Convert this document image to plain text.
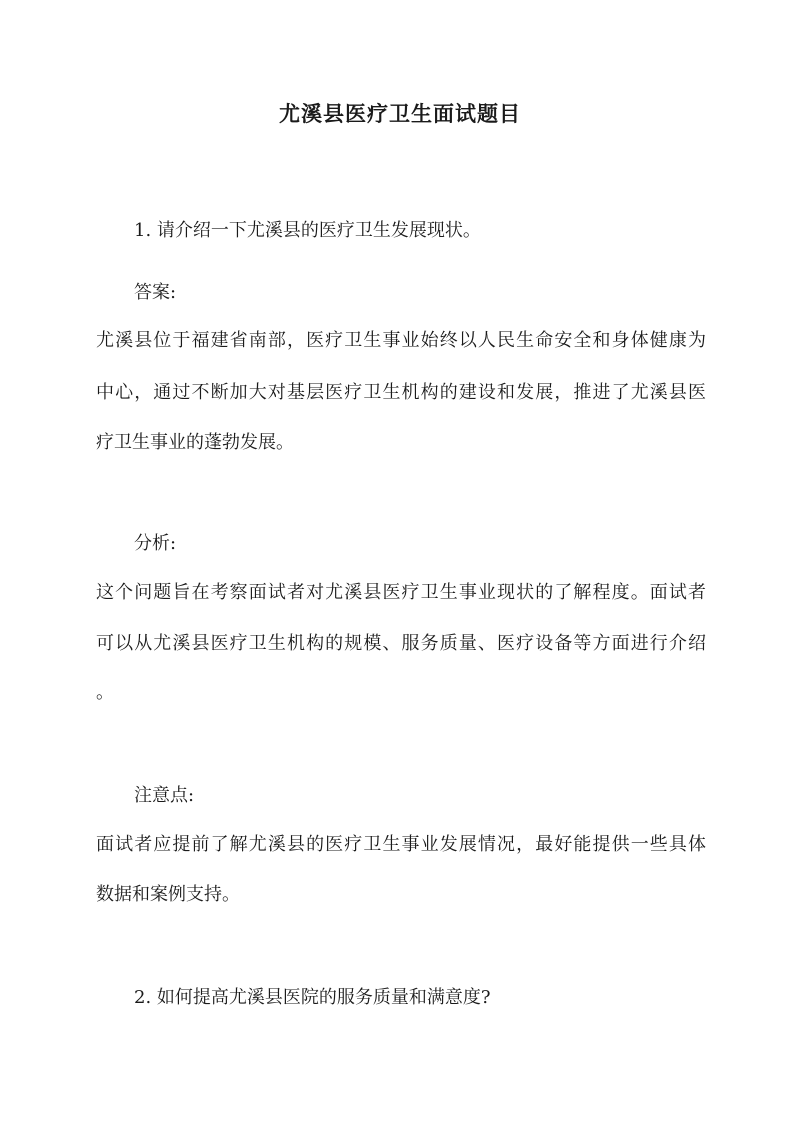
尤溪县医疗卫生面试题目

1. 请介绍一下尤溪县的医疗卫生发展现状。

答案:

尤溪县位于福建省南部，医疗卫生事业始终以人民生命安全和身体健康为

中心，通过不断加大对基层医疗卫生机构的建设和发展，推进了尤溪县医

疗卫生事业的蓬勃发展。

分析:

这个问题旨在考察面试者对尤溪县医疗卫生事业现状的了解程度。面试者

可以从尤溪县医疗卫生机构的规模、服务质量、医疗设备等方面进行介绍

。

注意点:

面试者应提前了解尤溪县的医疗卫生事业发展情况，最好能提供一些具体

数据和案例支持。

2. 如何提高尤溪县医院的服务质量和满意度?
